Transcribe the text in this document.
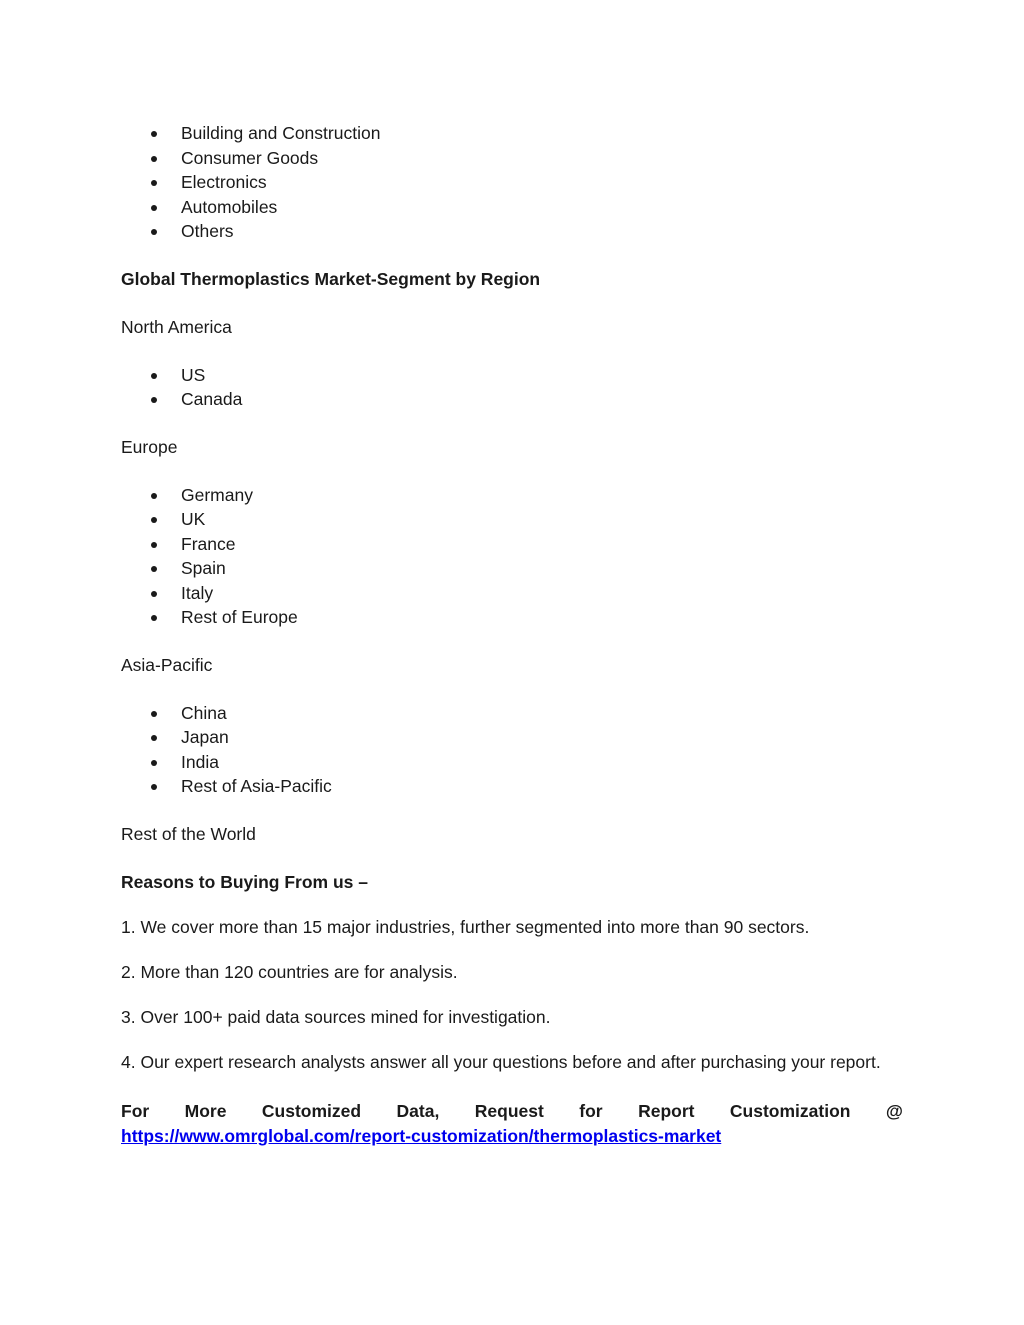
Building and Construction
Consumer Goods
Electronics
Automobiles
Others

Global Thermoplastics Market-Segment by Region

North America

US
Canada

Europe

Germany
UK
France
Spain
Italy
Rest of Europe

Asia-Pacific

China
Japan
India
Rest of Asia-Pacific

Rest of the World

Reasons to Buying From us –

1. We cover more than 15 major industries, further segmented into more than 90 sectors.

2. More than 120 countries are for analysis.

3. Over 100+ paid data sources mined for investigation.

4. Our expert research analysts answer all your questions before and after purchasing your report.

For More Customized Data, Request for Report Customization @

https://www.omrglobal.com/report-customization/thermoplastics-market
